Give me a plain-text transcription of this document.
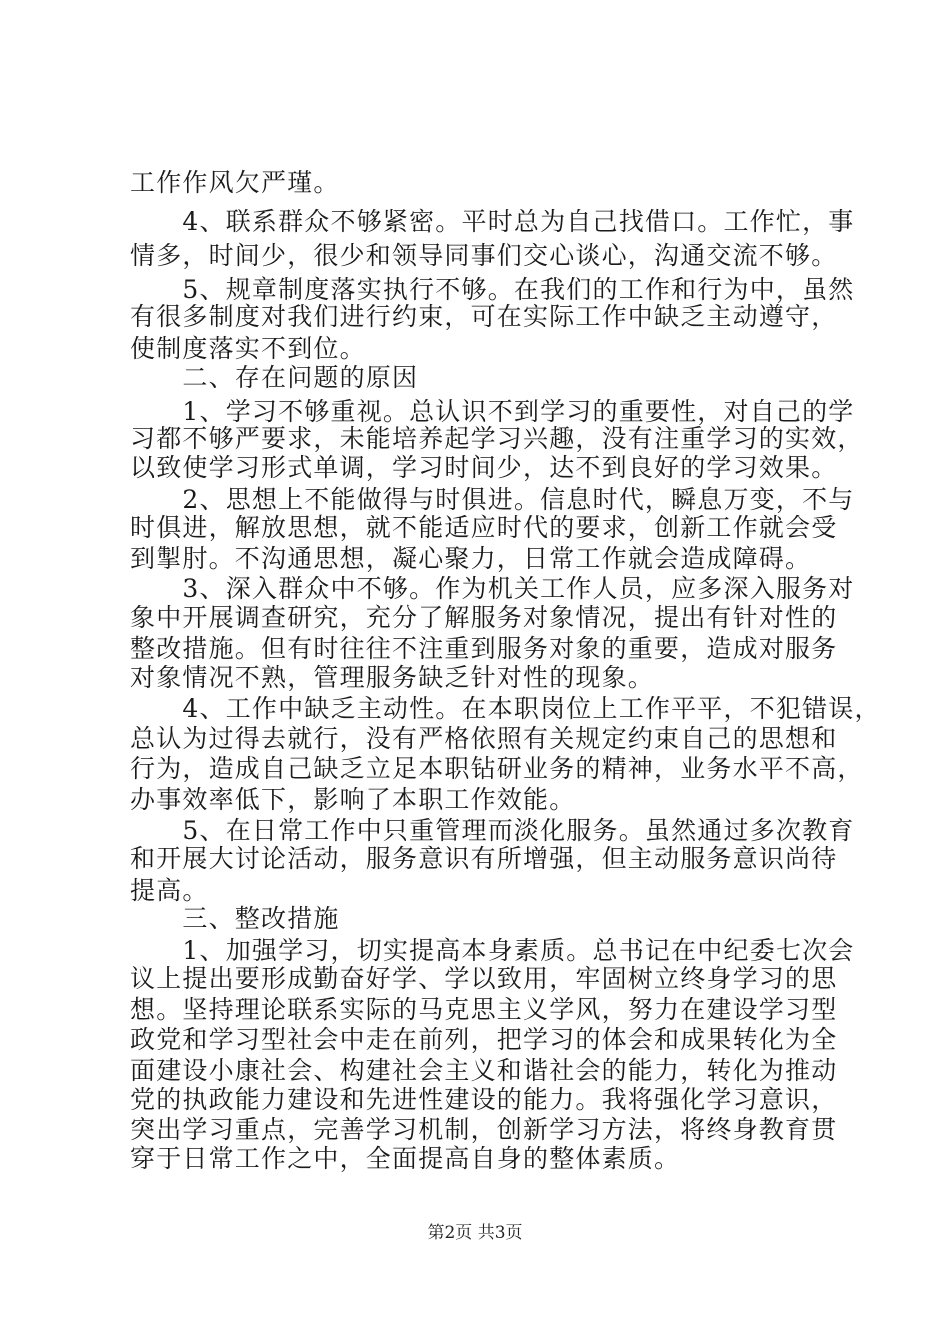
工作作风欠严瑾。
　　4、联系群众不够紧密。平时总为自己找借口。工作忙，事
情多，时间少，很少和领导同事们交心谈心，沟通交流不够。
　　5、规章制度落实执行不够。在我们的工作和行为中，虽然
有很多制度对我们进行约束，可在实际工作中缺乏主动遵守，
使制度落实不到位。
　　二、存在问题的原因
　　1、学习不够重视。总认识不到学习的重要性，对自己的学
习都不够严要求，未能培养起学习兴趣，没有注重学习的实效，
以致使学习形式单调，学习时间少，达不到良好的学习效果。
　　2、思想上不能做得与时俱进。信息时代，瞬息万变，不与
时俱进，解放思想，就不能适应时代的要求，创新工作就会受
到掣肘。不沟通思想，凝心聚力，日常工作就会造成障碍。
　　3、深入群众中不够。作为机关工作人员，应多深入服务对
象中开展调查研究，充分了解服务对象情况，提出有针对性的
整改措施。但有时往往不注重到服务对象的重要，造成对服务
对象情况不熟，管理服务缺乏针对性的现象。
　　4、工作中缺乏主动性。在本职岗位上工作平平，不犯错误，
总认为过得去就行，没有严格依照有关规定约束自己的思想和
行为，造成自己缺乏立足本职钻研业务的精神，业务水平不高，
办事效率低下，影响了本职工作效能。
　　5、在日常工作中只重管理而淡化服务。虽然通过多次教育
和开展大讨论活动，服务意识有所增强，但主动服务意识尚待
提高。
　　三、整改措施
　　1、加强学习，切实提高本身素质。总书记在中纪委七次会
议上提出要形成勤奋好学、学以致用，牢固树立终身学习的思
想。坚持理论联系实际的马克思主义学风，努力在建设学习型
政党和学习型社会中走在前列，把学习的体会和成果转化为全
面建设小康社会、构建社会主义和谐社会的能力，转化为推动
党的执政能力建设和先进性建设的能力。我将强化学习意识，
突出学习重点，完善学习机制，创新学习方法，将终身教育贯
穿于日常工作之中，全面提高自身的整体素质。
第2页 共3页
